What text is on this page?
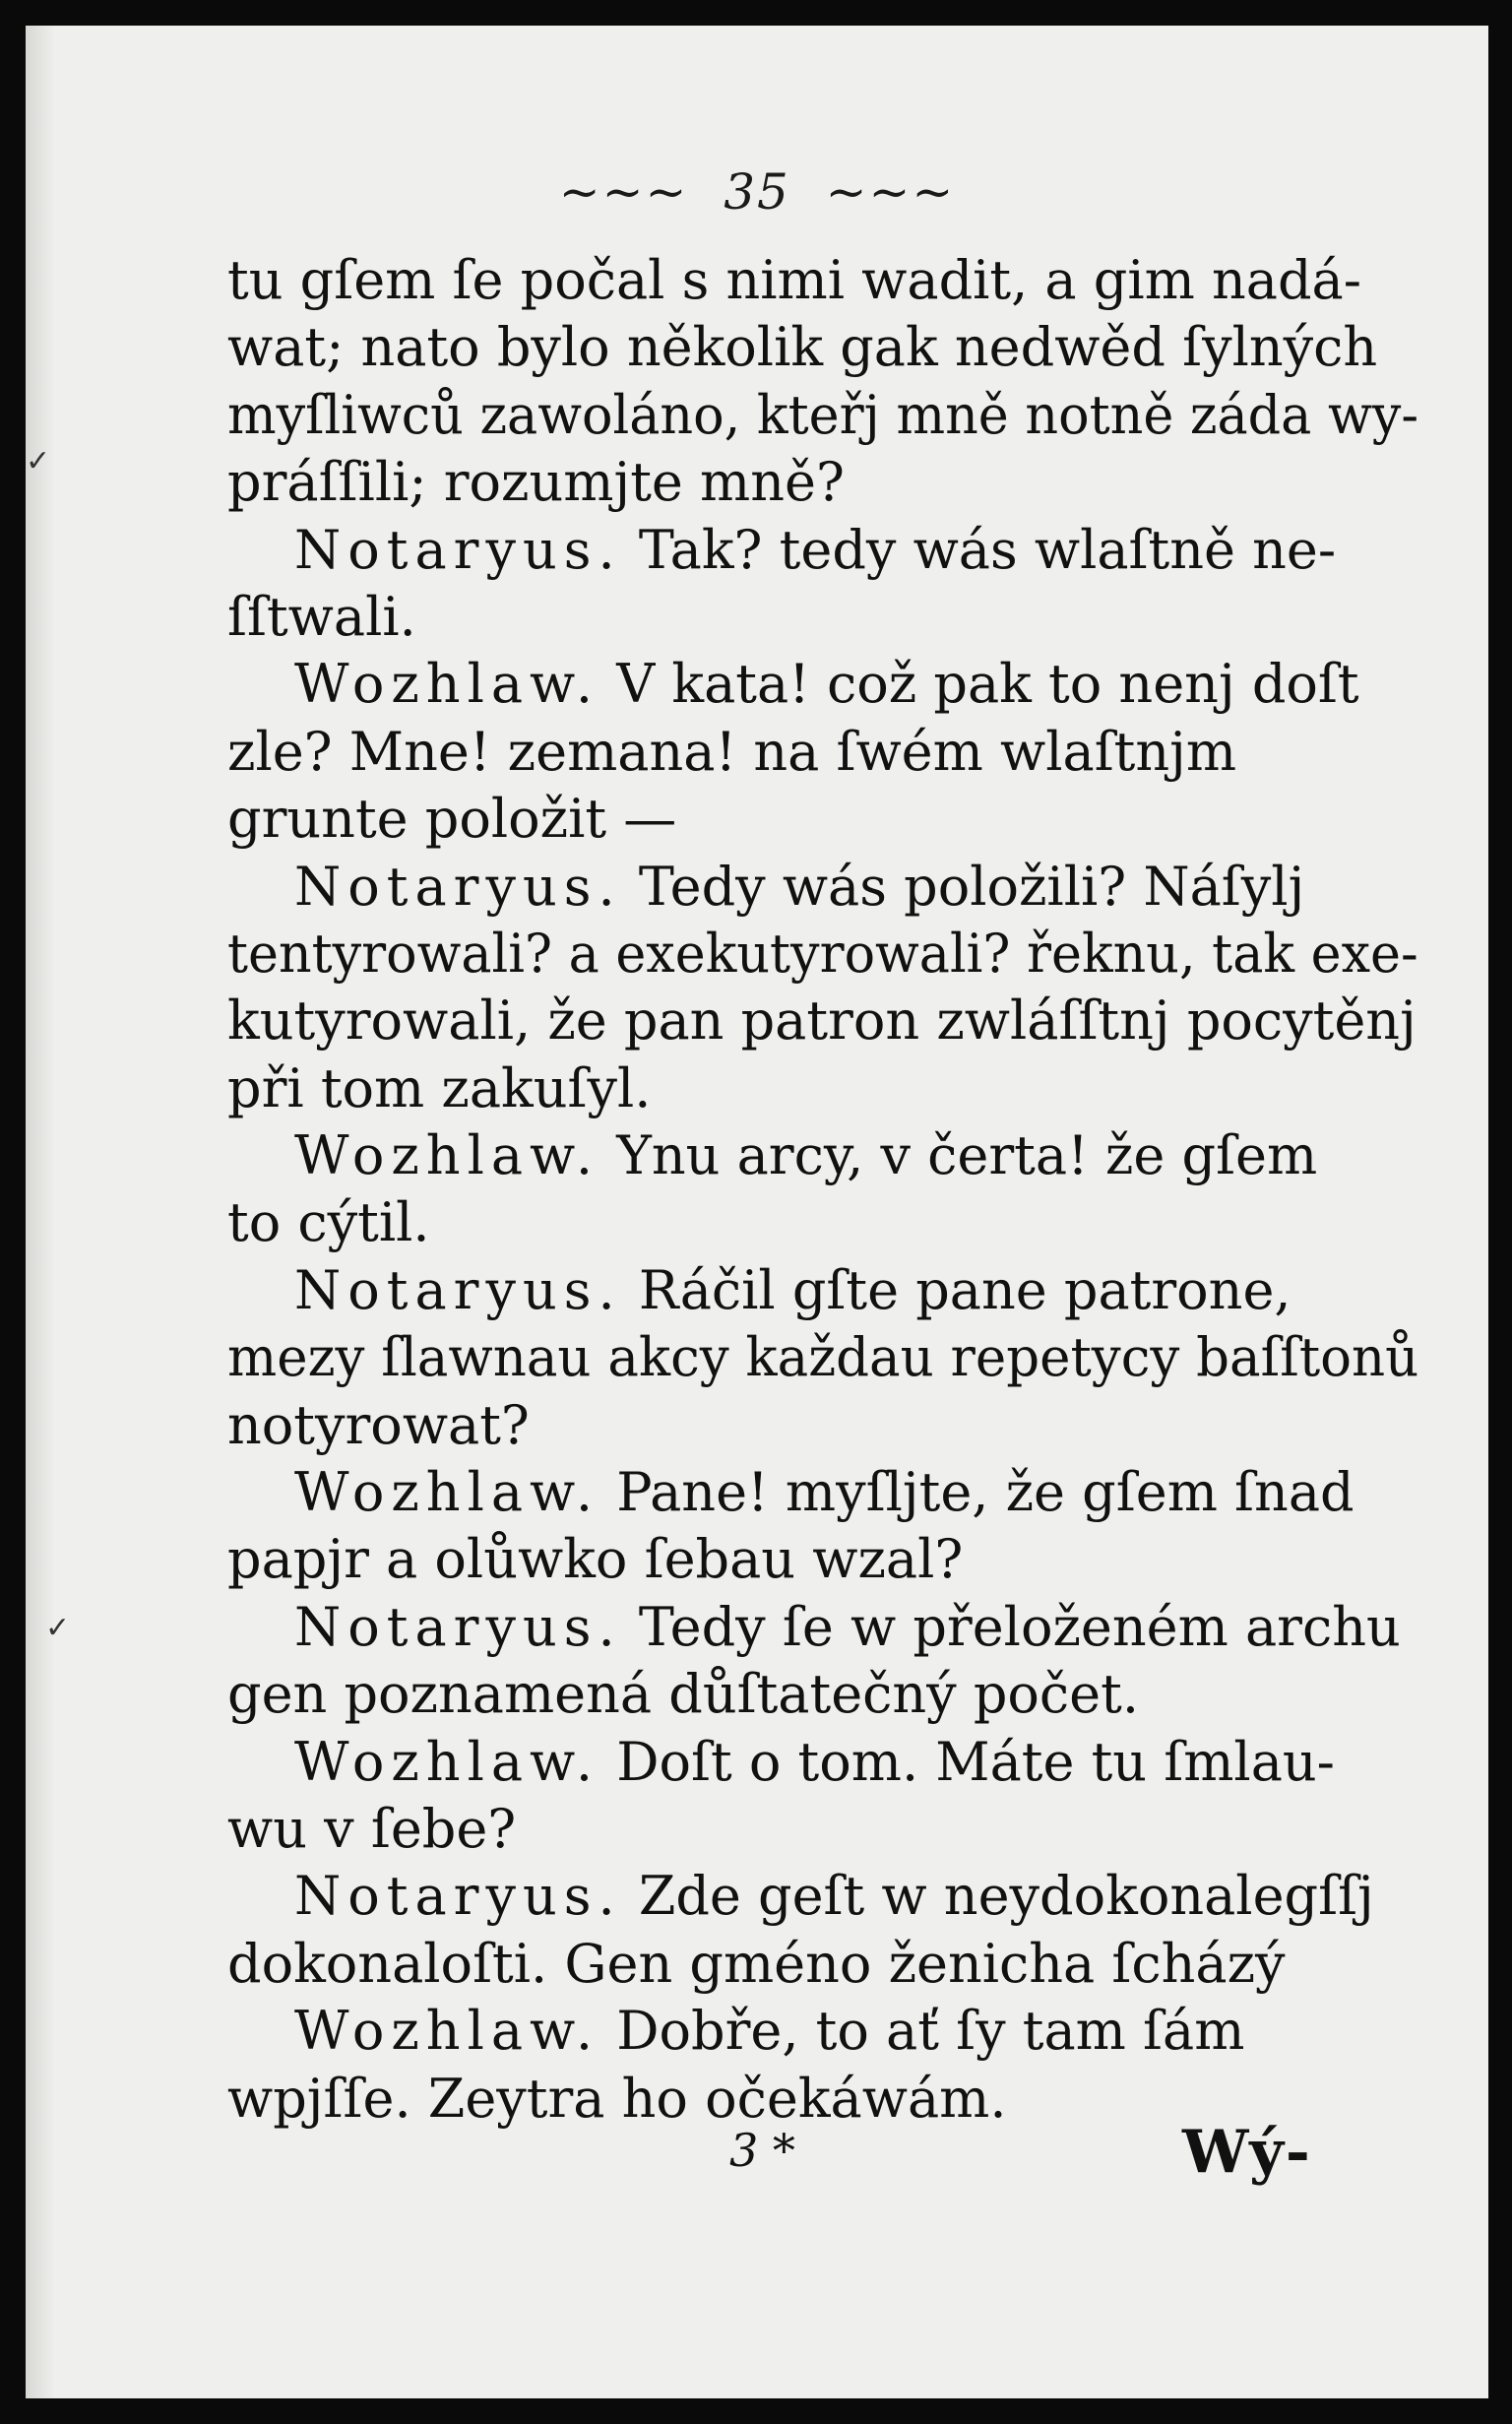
~~~ 35 ~~~
tu gſem ſe počal s nimi wadit, a gim nadá-
wat; nato bylo několik gak nedwěd ſylných
myſliwců zawoláno, kteřj mně notně záda wy-
práſſili; rozumjte mně?
Notaryus. Tak? tedy wás wlaſtně ne-
ſſtwali.
Wozhlaw. V kata! což pak to nenj doſt
zle? Mne! zemana! na ſwém wlaſtnjm
grunte položit —
Notaryus. Tedy wás položili? Náſylj
tentyrowali? a exekutyrowali? řeknu, tak exe-
kutyrowali, že pan patron zwláſſtnj pocytěnj
při tom zakuſyl.
Wozhlaw. Ynu arcy, v čerta! že gſem
to cýtil.
Notaryus. Ráčil gſte pane patrone,
mezy ſlawnau akcy každau repetycy baſſtonů
notyrowat?
Wozhlaw. Pane! myſljte, že gſem ſnad
papjr a olůwko ſebau wzal?
Notaryus. Tedy ſe w přeloženém archu
gen poznamená důſtatečný počet.
Wozhlaw. Doſt o tom. Máte tu ſmlau-
wu v ſebe?
Notaryus. Zde geſt w neydokonalegſſj
dokonaloſti. Gen gméno ženicha ſcházý
Wozhlaw. Dobře, to ať ſy tam ſám
wpjſſe. Zeytra ho očekáwám.
3 *	Wý-
✓
✓
